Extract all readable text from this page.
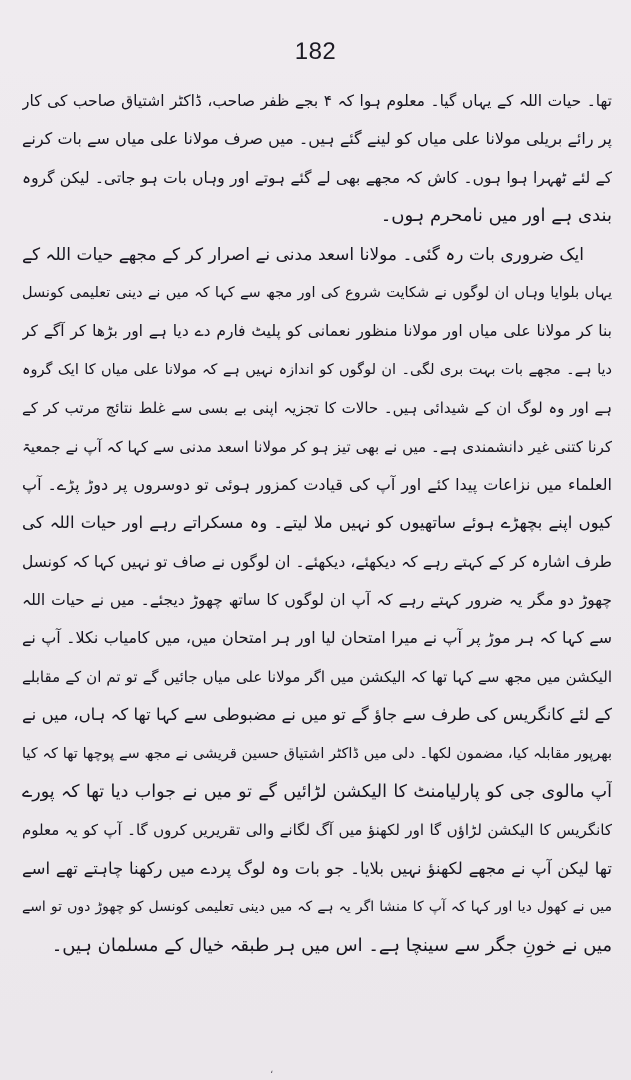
182
تھا۔ حیات اللہ کے یہاں گیا۔ معلوم ہوا کہ ۴ بجے ظفر صاحب، ڈاکٹر اشتیاق صاحب کی کار
پر رائے بریلی مولانا علی میاں کو لینے گئے ہیں۔ میں صرف مولانا علی میاں سے بات کرنے
کے لئے ٹھہرا ہوا ہوں۔ کاش کہ مجھے بھی لے گئے ہوتے اور وہاں بات ہو جاتی۔ لیکن گروہ
بندی ہے اور میں نامحرم ہوں۔
ایک ضروری بات رہ گئی۔ مولانا اسعد مدنی نے اصرار کر کے مجھے حیات اللہ کے
یہاں بلوایا وہاں ان لوگوں نے شکایت شروع کی اور مجھ سے کہا کہ میں نے دینی تعلیمی کونسل
بنا کر مولانا علی میاں اور مولانا منظور نعمانی کو پلیٹ فارم دے دیا ہے اور بڑھا کر آگے کر
دیا ہے۔ مجھے بات بہت بری لگی۔ ان لوگوں کو اندازہ نہیں ہے کہ مولانا علی میاں کا ایک گروہ
ہے اور وہ لوگ ان کے شیدائی ہیں۔ حالات کا تجزیہ اپنی بے بسی سے غلط نتائج مرتب کر کے
کرنا کتنی غیر دانشمندی ہے۔ میں نے بھی تیز ہو کر مولانا اسعد مدنی سے کہا کہ آپ نے جمعیۃ
العلماء میں نزاعات پیدا کئے اور آپ کی قیادت کمزور ہوئی تو دوسروں پر دوڑ پڑے۔ آپ
کیوں اپنے بچھڑے ہوئے ساتھیوں کو نہیں ملا لیتے۔ وہ مسکراتے رہے اور حیات اللہ کی
طرف اشارہ کر کے کہتے رہے کہ دیکھئے، دیکھئے۔ ان لوگوں نے صاف تو نہیں کہا کہ کونسل
چھوڑ دو مگر یہ ضرور کہتے رہے کہ آپ ان لوگوں کا ساتھ چھوڑ دیجئے۔ میں نے حیات اللہ
سے کہا کہ ہر موڑ پر آپ نے میرا امتحان لیا اور ہر امتحان میں، میں کامیاب نکلا۔ آپ نے
الیکشن میں مجھ سے کہا تھا کہ الیکشن میں اگر مولانا علی میاں جائیں گے تو تم ان کے مقابلے
کے لئے کانگریس کی طرف سے جاؤ گے تو میں نے مضبوطی سے کہا تھا کہ ہاں، میں نے
بھرپور مقابلہ کیا، مضمون لکھا۔ دلی میں ڈاکٹر اشتیاق حسین قریشی نے مجھ سے پوچھا تھا کہ کیا
آپ مالوی جی کو پارلیامنٹ کا الیکشن لڑائیں گے تو میں نے جواب دیا تھا کہ پورے
کانگریس کا الیکشن لڑاؤں گا اور لکھنؤ میں آگ لگانے والی تقریریں کروں گا۔ آپ کو یہ معلوم
تھا لیکن آپ نے مجھے لکھنؤ نہیں بلایا۔ جو بات وہ لوگ پردے میں رکھنا چاہتے تھے اسے
میں نے کھول دیا اور کہا کہ آپ کا منشا اگر یہ ہے کہ میں دینی تعلیمی کونسل کو چھوڑ دوں تو اسے
میں نے خونِ جگر سے سینچا ہے۔ اس میں ہر طبقہ خیال کے مسلمان ہیں۔
،
